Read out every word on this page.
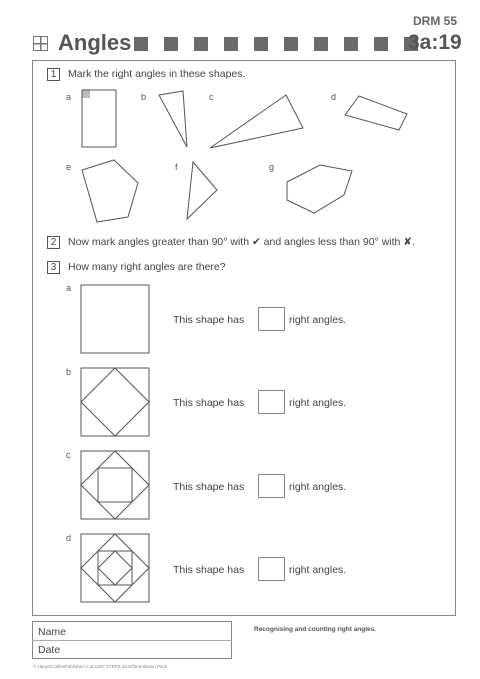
DRM 55
Angles	3a:19
1	Mark the right angles in these shapes.
a	b	c	d
e	f	g
2	Now mark angles greater than 90° with ✔ and angles less than 90° with ✘.
3	How many right angles are there?
a
This shape has	right angles.
b
This shape has	right angles.
c
This shape has	right angles.
d
This shape has	right angles.
Name
Date
Recognising and counting right angles.
© HarperCollinsPublishers Ltd 1997 STEPS 3a Differentiation Pack
